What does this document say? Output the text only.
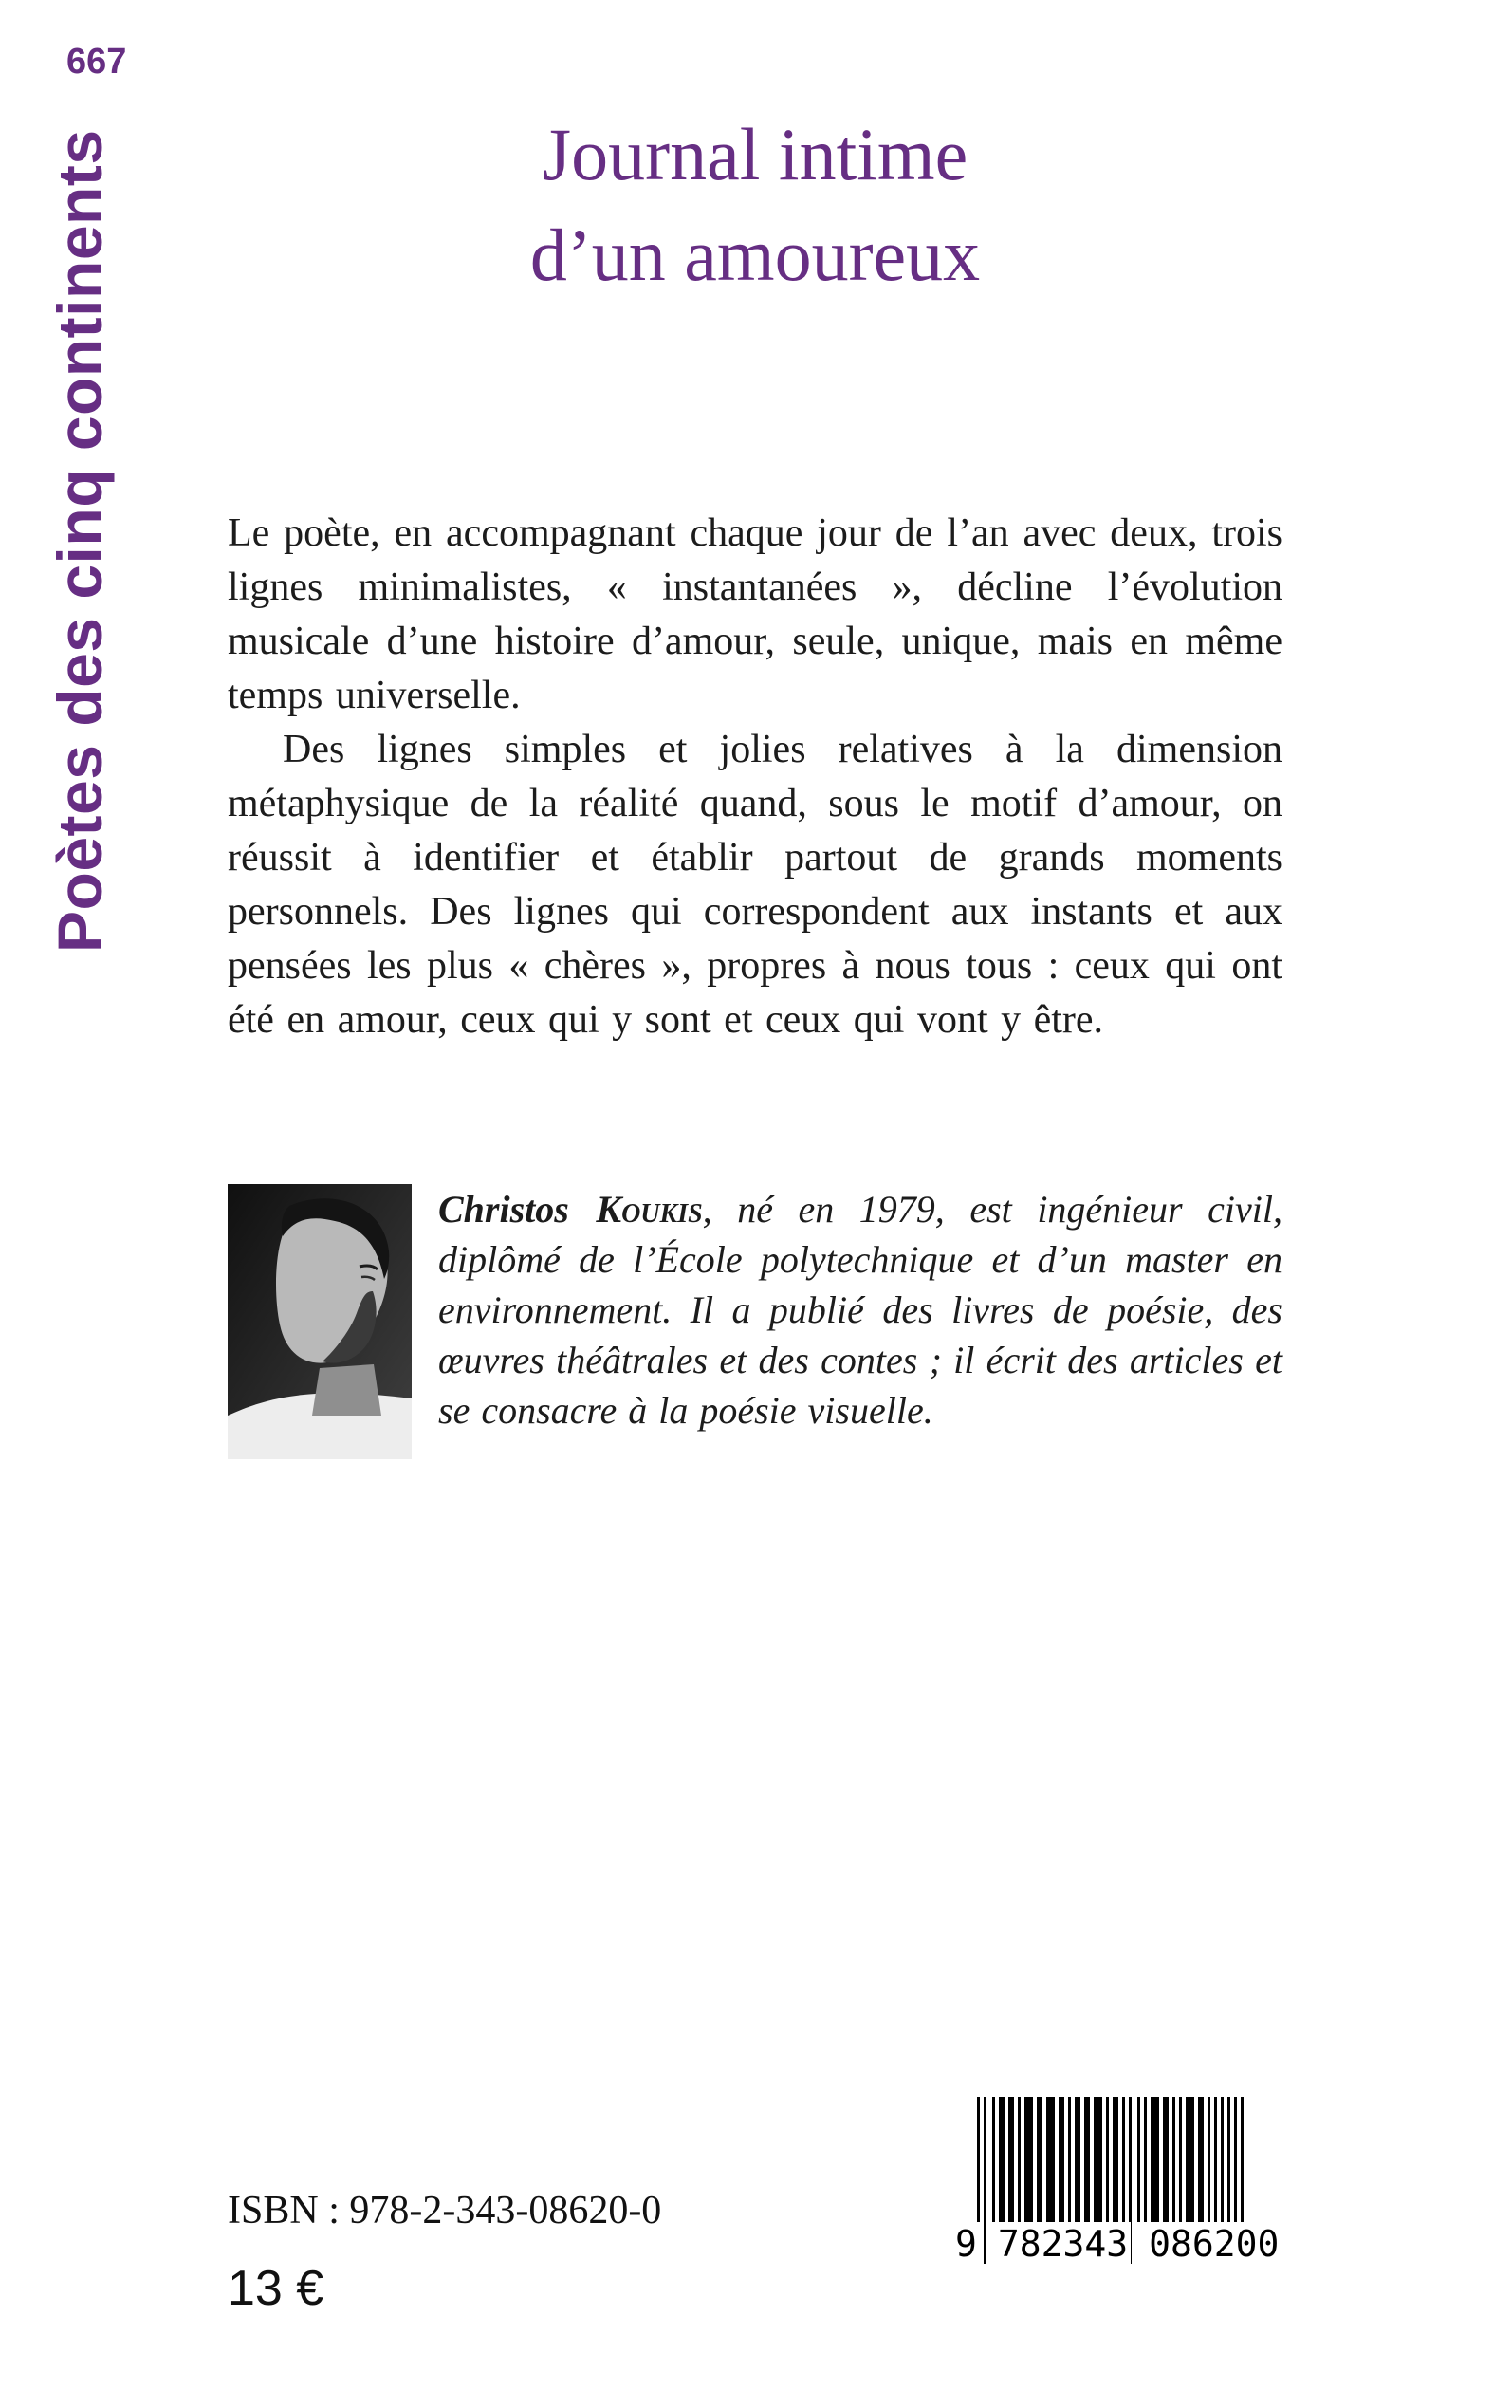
667
Poètes des cinq continents	Journal intime
d’un amoureux

Le poète, en accompagnant chaque jour de l’an avec deux, trois lignes minimalistes, « instantanées », décline l’évolution musicale d’une histoire d’amour, seule, unique, mais en même temps universelle.

Des lignes simples et jolies relatives à la dimension métaphysique de la réalité quand, sous le motif d’amour, on réussit à identifier et établir partout de grands moments personnels. Des lignes qui correspondent aux instants et aux pensées les plus « chères », propres à nous tous : ceux qui ont été en amour, ceux qui y sont et ceux qui vont y être.

Christos Koukis, né en 1979, est ingénieur civil, diplômé de l’École polytechnique et d’un master en environnement. Il a publié des livres de poésie, des œuvres théâtrales et des contes ; il écrit des articles et se consacre à la poésie visuelle.

ISBN : 978-2-343-08620-0
13 €
9 782343 086200
